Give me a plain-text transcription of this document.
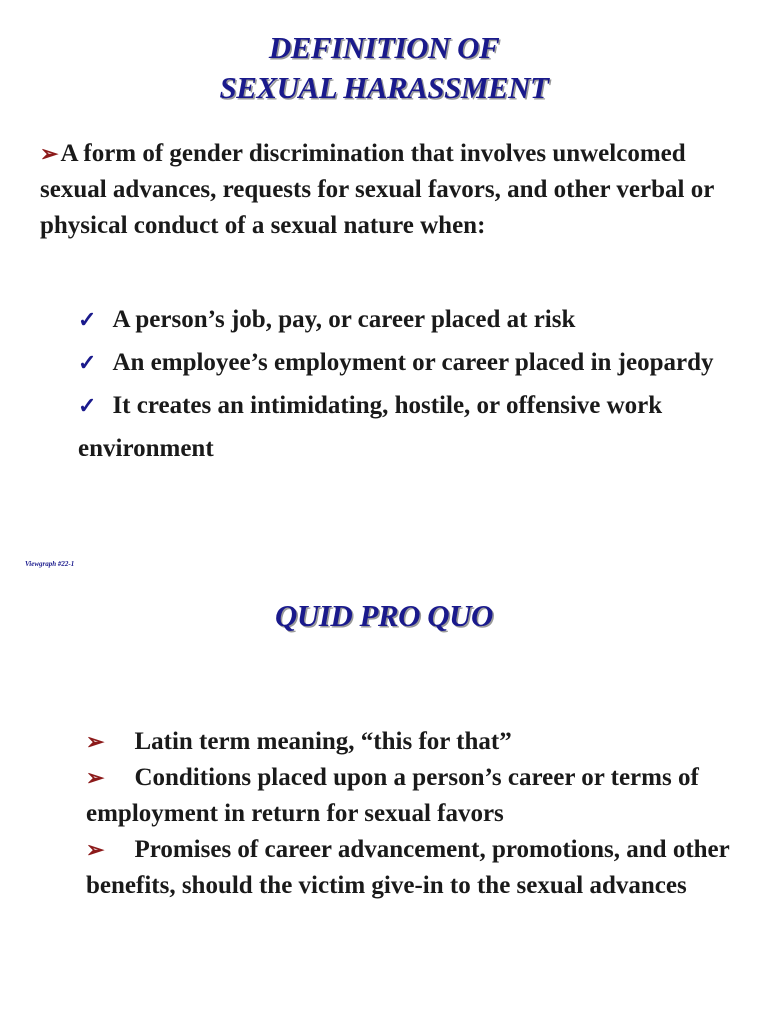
DEFINITION OF
SEXUAL HARASSMENT
➢A form of gender discrimination that involves unwelcomed sexual advances, requests for sexual favors, and other verbal or physical conduct of a sexual nature when:
✓ A person’s job, pay, or career placed at risk
✓ An employee’s employment or career placed in jeopardy
✓ It creates an intimidating, hostile, or offensive work environment
Viewgraph #22-1
QUID PRO QUO
➢ Latin term meaning, “this for that”
➢ Conditions placed upon a person’s career or terms of employment in return for sexual favors
➢ Promises of career advancement, promotions, and other benefits, should the victim give-in to the sexual advances
